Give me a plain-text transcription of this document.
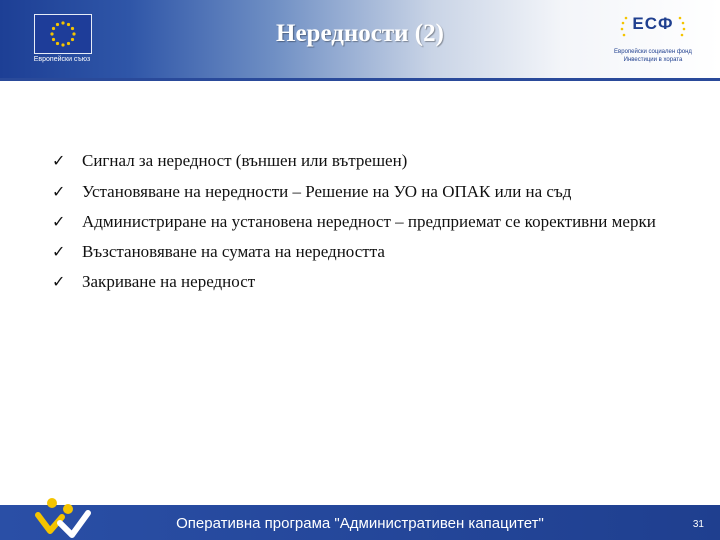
Европейски съюз
Нередности (2)	ЕСФ
Европейски социален фонд
Инвестиции в хората
✓ Сигнал за нередност (външен или вътрешен)
✓ Установяване на нередности – Решение на УО на ОПАК или на съд
✓ Администриране на установена нередност – предприемат се корективни мерки
✓ Възстановяване на сумата на нередността
✓ Закриване на нередност
Оперативна програма "Административен капацитет"	31
